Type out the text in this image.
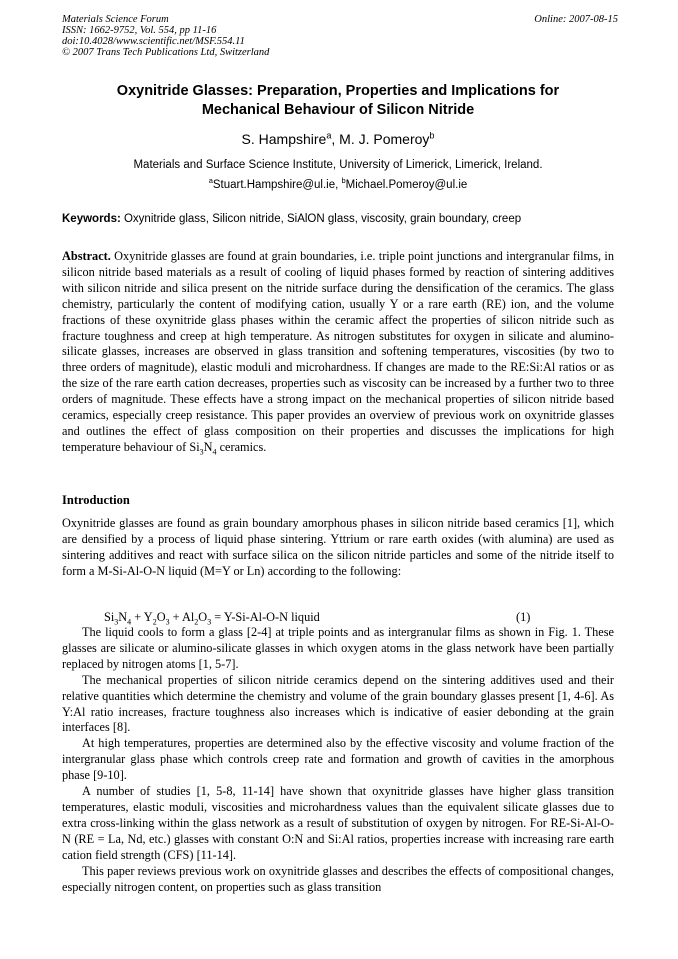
Materials Science Forum	Online: 2007-08-15
ISSN: 1662-9752, Vol. 554, pp 11-16
doi:10.4028/www.scientific.net/MSF.554.11
© 2007 Trans Tech Publications Ltd, Switzerland
Oxynitride Glasses: Preparation, Properties and Implications for
Mechanical Behaviour of Silicon Nitride
S. Hampshire$^a$, M. J. Pomeroy$^b$
Materials and Surface Science Institute, University of Limerick, Limerick, Ireland.
$^a$Stuart.Hampshire@ul.ie, $^b$Michael.Pomeroy@ul.ie
Keywords: Oxynitride glass, Silicon nitride, SiAlON glass, viscosity, grain boundary, creep
Abstract. Oxynitride glasses are found at grain boundaries, i.e. triple point junctions and intergranular films, in silicon nitride based materials as a result of cooling of liquid phases formed by reaction of sintering additives with silicon nitride and silica present on the nitride surface during the densification of the ceramics. The glass chemistry, particularly the content of modifying cation, usually Y or a rare earth (RE) ion, and the volume fractions of these oxynitride glass phases within the ceramic affect the properties of silicon nitride such as fracture toughness and creep at high temperature. As nitrogen substitutes for oxygen in silicate and alumino-silicate glasses, increases are observed in glass transition and softening temperatures, viscosities (by two to three orders of magnitude), elastic moduli and microhardness. If changes are made to the RE:Si:Al ratios or as the size of the rare earth cation decreases, properties such as viscosity can be increased by a further two to three orders of magnitude. These effects have a strong impact on the mechanical properties of silicon nitride based ceramics, especially creep resistance. This paper provides an overview of previous work on oxynitride glasses and outlines the effect of glass composition on their properties and discusses the implications for high temperature behaviour of $Si_3N_4$ ceramics.
Introduction
Oxynitride glasses are found as grain boundary amorphous phases in silicon nitride based ceramics [1], which are densified by a process of liquid phase sintering. Yttrium or rare earth oxides (with alumina) are used as sintering additives and react with surface silica on the silicon nitride particles and some of the nitride itself to form a M-Si-Al-O-N liquid (M=Y or Ln) according to the following:
$Si_3N_4 + Y_2O_3 + Al_2O_3 = Y-Si-Al-O-N$ liquid	(1)

The liquid cools to form a glass [2-4] at triple points and as intergranular films as shown in Fig. 1. These glasses are silicate or alumino-silicate glasses in which oxygen atoms in the glass network have been partially replaced by nitrogen atoms [1, 5-7].

The mechanical properties of silicon nitride ceramics depend on the sintering additives used and their relative quantities which determine the chemistry and volume of the grain boundary glasses present [1, 4-6]. As Y:Al ratio increases, fracture toughness also increases which is indicative of easier debonding at the grain interfaces [8].

At high temperatures, properties are determined also by the effective viscosity and volume fraction of the intergranular glass phase which controls creep rate and formation and growth of cavities in the amorphous phase [9-10].

A number of studies [1, 5-8, 11-14] have shown that oxynitride glasses have higher glass transition temperatures, elastic moduli, viscosities and microhardness values than the equivalent silicate glasses due to extra cross-linking within the glass network as a result of substitution of oxygen by nitrogen. For RE-Si-Al-O-N (RE = La, Nd, etc.) glasses with constant O:N and Si:Al ratios, properties increase with increasing rare earth cation field strength (CFS) [11-14].

This paper reviews previous work on oxynitride glasses and describes the effects of compositional changes, especially nitrogen content, on properties such as glass transition
